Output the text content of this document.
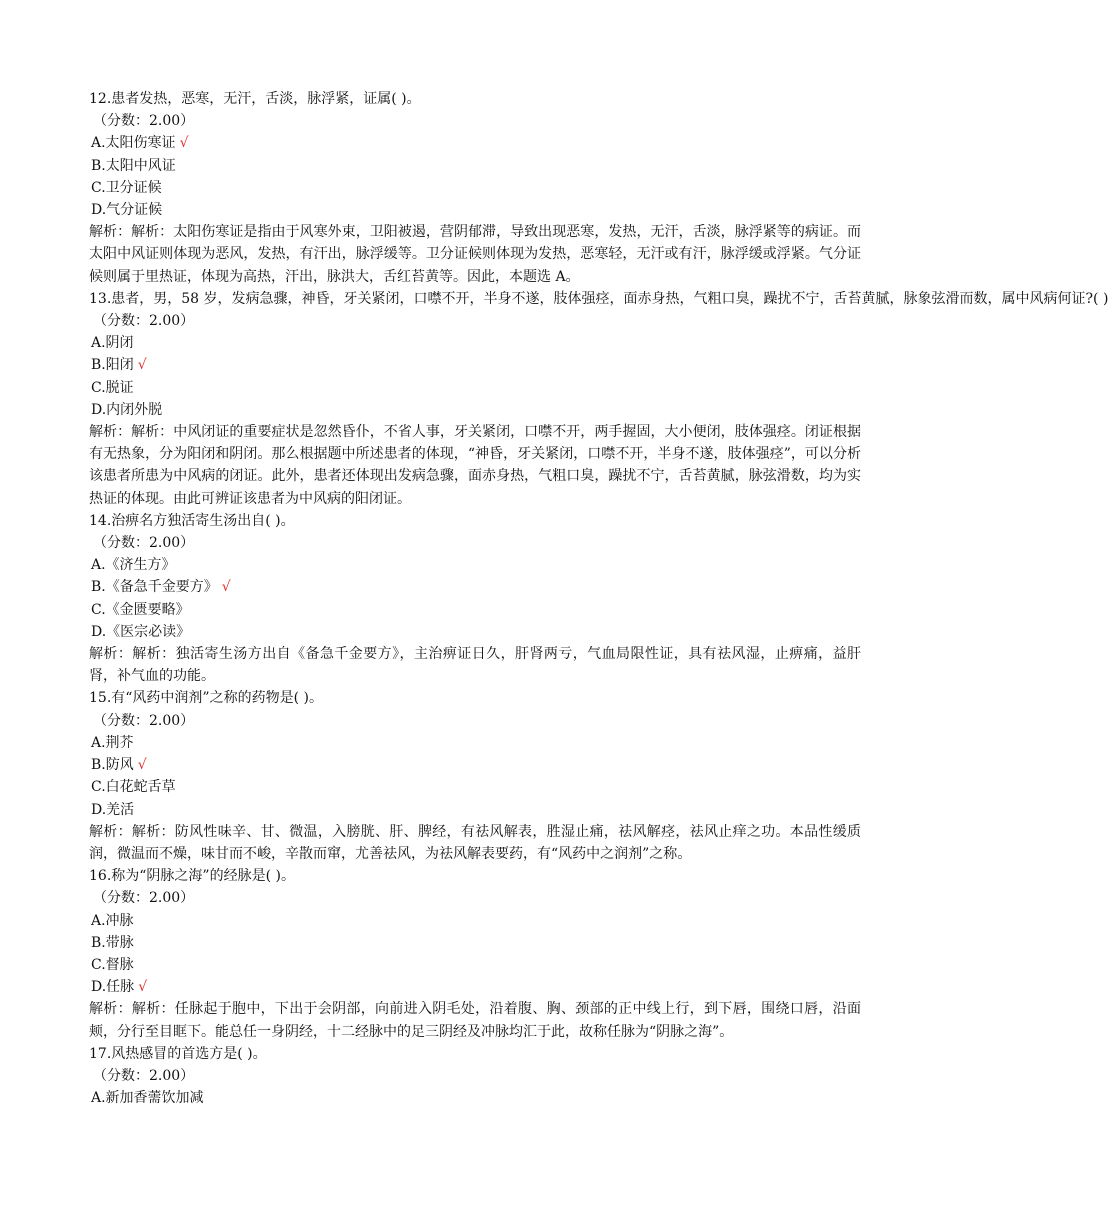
12.患者发热，恶寒，无汗，舌淡，脉浮紧，证属( )。
（分数：2.00）
A.太阳伤寒证 √
B.太阳中风证
C.卫分证候
D.气分证候
解析：解析：太阳伤寒证是指由于风寒外束，卫阳被遏，营阴郁滞，导致出现恶寒，发热，无汗，舌淡，脉浮紧等的病证。而太阳中风证则体现为恶风，发热，有汗出，脉浮缓等。卫分证候则体现为发热，恶寒轻，无汗或有汗，脉浮缓或浮紧。气分证候则属于里热证，体现为高热，汗出，脉洪大，舌红苔黄等。因此，本题选 A。
13.患者，男，58 岁，发病急骤，神昏，牙关紧闭，口噤不开，半身不遂，肢体强痉，面赤身热，气粗口臭，躁扰不宁，舌苔黄腻，脉象弦滑而数，属中风病何证?( )
（分数：2.00）
A.阴闭
B.阳闭 √
C.脱证
D.内闭外脱
解析：解析：中风闭证的重要症状是忽然昏仆，不省人事，牙关紧闭，口噤不开，两手握固，大小便闭，肢体强痉。闭证根据有无热象，分为阳闭和阴闭。那么根据题中所述患者的体现，“神昏，牙关紧闭，口噤不开，半身不遂，肢体强痉”，可以分析该患者所患为中风病的闭证。此外，患者还体现出发病急骤，面赤身热，气粗口臭，躁扰不宁，舌苔黄腻，脉弦滑数，均为实热证的体现。由此可辨证该患者为中风病的阳闭证。
14.治痹名方独活寄生汤出自( )。
（分数：2.00）
A.《济生方》
B.《备急千金要方》 √
C.《金匮要略》
D.《医宗必读》
解析：解析：独活寄生汤方出自《备急千金要方》，主治痹证日久，肝肾两亏，气血局限性证，具有祛风湿，止痹痛，益肝肾，补气血的功能。
15.有“风药中润剂”之称的药物是( )。
（分数：2.00）
A.荆芥
B.防风 √
C.白花蛇舌草
D.羌活
解析：解析：防风性味辛、甘、微温，入膀胱、肝、脾经，有祛风解表，胜湿止痛，祛风解痉，祛风止痒之功。本品性缓质润，微温而不燥，味甘而不峻，辛散而窜，尤善祛风，为祛风解表要药，有“风药中之润剂”之称。
16.称为“阴脉之海”的经脉是( )。
（分数：2.00）
A.冲脉
B.带脉
C.督脉
D.任脉 √
解析：解析：任脉起于胞中，下出于会阴部，向前进入阴毛处，沿着腹、胸、颈部的正中线上行，到下唇，围绕口唇，沿面颊，分行至目眶下。能总任一身阴经，十二经脉中的足三阴经及冲脉均汇于此，故称任脉为“阴脉之海”。
17.风热感冒的首选方是( )。
（分数：2.00）
A.新加香薷饮加减
